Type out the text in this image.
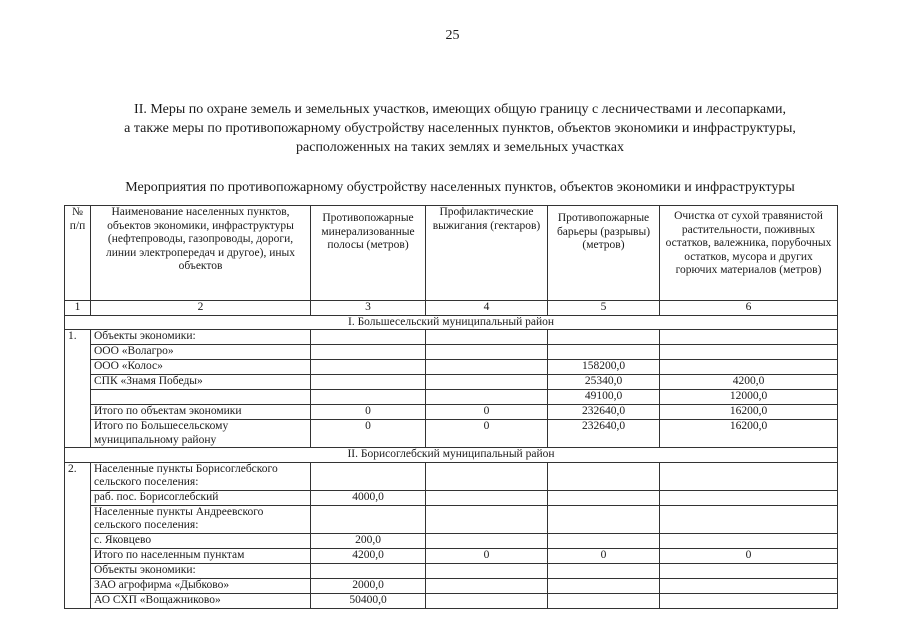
25
II. Меры по охране земель и земельных участков, имеющих общую границу с лесничествами и лесопарками,
а также меры по противопожарному обустройству населенных пунктов, объектов экономики и инфраструктуры,
расположенных на таких землях и земельных участках
Мероприятия по противопожарному обустройству населенных пунктов, объектов экономики и инфраструктуры
№ п/п	Наименование населенных пунктов, объектов экономики, инфраструктуры (нефтепроводы, газопроводы, дороги, линии электропередач и другое), иных объектов	Противопожарные минерализованные полосы (метров)	Профилактические выжигания (гектаров)	Противопожарные барьеры (разрывы) (метров)	Очистка от сухой травянистой растительности, поживных остатков, валежника, порубочных остатков, мусора и других горючих материалов (метров)
1	2	3	4	5	6
I. Большесельский муниципальный район					
1.	Объекты экономики:				
	ООО «Волагро»				
	ООО «Колос»			158200,0	
	СПК «Знамя Победы»			25340,0	4200,0
				49100,0	12000,0
	Итого по объектам экономики	0	0	232640,0	16200,0
	Итого по Большесельскому муниципальному району	0	0	232640,0	16200,0
II. Борисоглебский муниципальный район					
2.	Населенные пункты Борисоглебского сельского поселения:				
	раб. пос. Борисоглебский	4000,0			
	Населенные пункты Андреевского сельского поселения:				
	с. Яковцево	200,0			
	Итого по населенным пунктам	4200,0	0	0	0
	Объекты экономики:				
	ЗАО агрофирма «Дыбково»	2000,0			
	АО СХП «Вощажниково»	50400,0			
